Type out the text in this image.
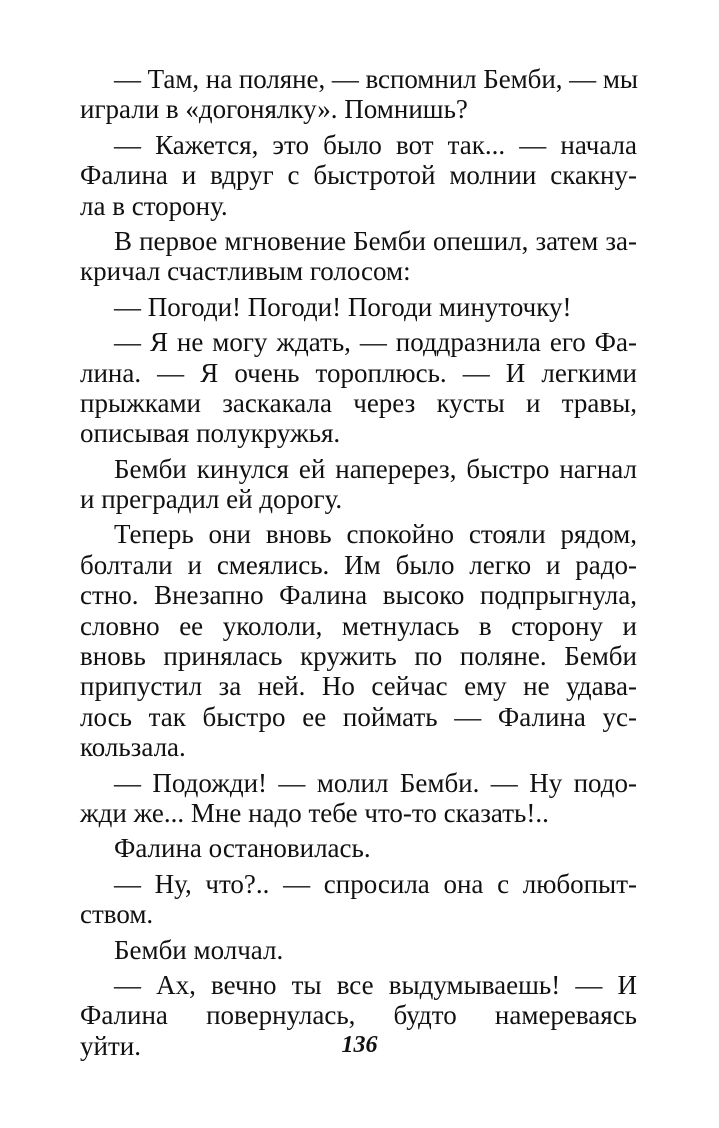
— Там, на поляне, — вспомнил Бемби, — мы
играли в «догонялку». Помнишь?
— Кажется, это было вот так... — начала
Фалина и вдруг с быстротой молнии скакну-
ла в сторону.
В первое мгновение Бемби опешил, затем за-
кричал счастливым голосом:
— Погоди! Погоди! Погоди минуточку!
— Я не могу ждать, — поддразнила его Фа-
лина. — Я очень тороплюсь. — И легкими
прыжками заскакала через кусты и травы,
описывая полукружья.
Бемби кинулся ей наперерез, быстро нагнал
и преградил ей дорогу.
Теперь они вновь спокойно стояли рядом,
болтали и смеялись. Им было легко и радо-
стно. Внезапно Фалина высоко подпрыгнула,
словно ее укололи, метнулась в сторону и
вновь принялась кружить по поляне. Бемби
припустил за ней. Но сейчас ему не удава-
лось так быстро ее поймать — Фалина ус-
кользала.
— Подожди! — молил Бемби. — Ну подо-
жди же... Мне надо тебе что-то сказать!..
Фалина остановилась.
— Ну, что?.. — спросила она с любопыт-
ством.
Бемби молчал.
— Ах, вечно ты все выдумываешь! — И
Фалина повернулась, будто намереваясь
уйти.	136
